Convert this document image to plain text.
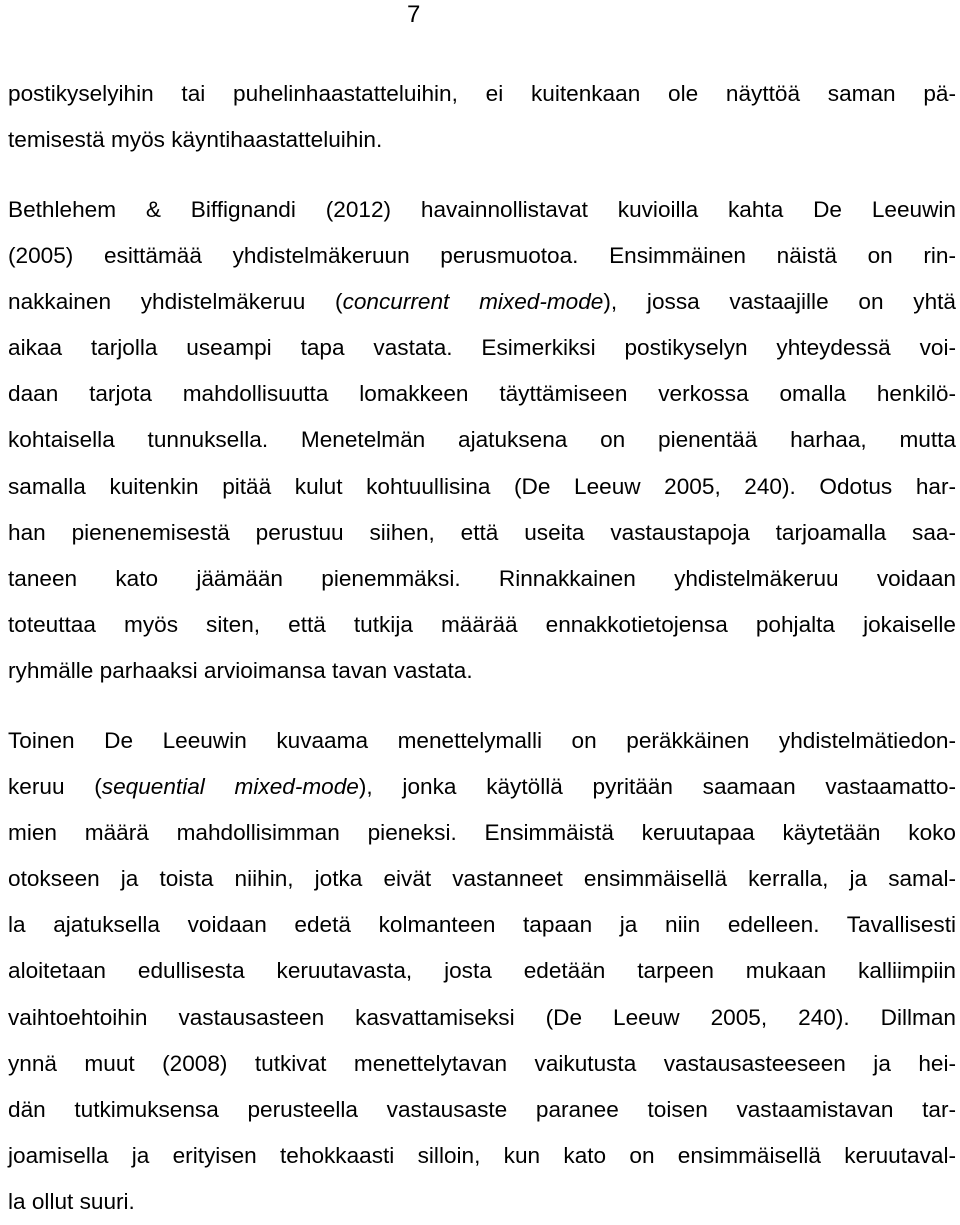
7
postikyselyihin tai puhelinhaastatteluihin, ei kuitenkaan ole näyttöä saman pä-
temisestä myös käyntihaastatteluihin.
Bethlehem & Biffignandi (2012) havainnollistavat kuvioilla kahta De Leeuwin
(2005) esittämää yhdistelmäkeruun perusmuotoa. Ensimmäinen näistä on rin-
nakkainen yhdistelmäkeruu (concurrent mixed-mode), jossa vastaajille on yhtä
aikaa tarjolla useampi tapa vastata. Esimerkiksi postikyselyn yhteydessä voi-
daan tarjota mahdollisuutta lomakkeen täyttämiseen verkossa omalla henkilö-
kohtaisella tunnuksella. Menetelmän ajatuksena on pienentää harhaa, mutta
samalla kuitenkin pitää kulut kohtuullisina (De Leeuw 2005, 240). Odotus har-
han pienenemisestä perustuu siihen, että useita vastaustapoja tarjoamalla saa-
taneen kato jäämään pienemmäksi. Rinnakkainen yhdistelmäkeruu voidaan
toteuttaa myös siten, että tutkija määrää ennakkotietojensa pohjalta jokaiselle
ryhmälle parhaaksi arvioimansa tavan vastata.
Toinen De Leeuwin kuvaama menettelymalli on peräkkäinen yhdistelmätiedon-
keruu (sequential mixed-mode), jonka käytöllä pyritään saamaan vastaamatto-
mien määrä mahdollisimman pieneksi. Ensimmäistä keruutapaa käytetään koko
otokseen ja toista niihin, jotka eivät vastanneet ensimmäisellä kerralla, ja samal-
la ajatuksella voidaan edetä kolmanteen tapaan ja niin edelleen. Tavallisesti
aloitetaan edullisesta keruutavasta, josta edetään tarpeen mukaan kalliimpiin
vaihtoehtoihin vastausasteen kasvattamiseksi (De Leeuw 2005, 240). Dillman
ynnä muut (2008) tutkivat menettelytavan vaikutusta vastausasteeseen ja hei-
dän tutkimuksensa perusteella vastausaste paranee toisen vastaamistavan tar-
joamisella ja erityisen tehokkaasti silloin, kun kato on ensimmäisellä keruutaval-
la ollut suuri.
